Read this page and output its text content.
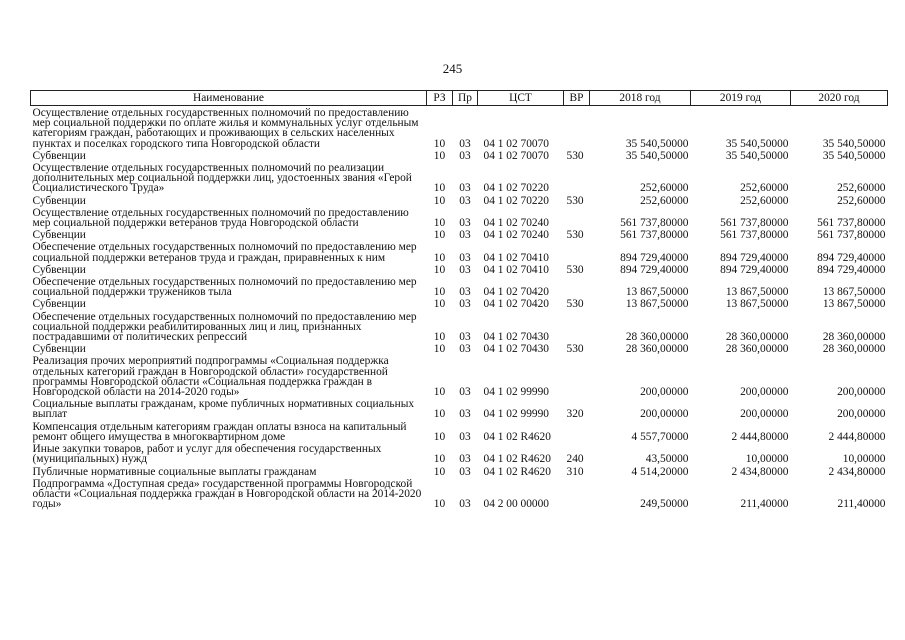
245
Наименование	РЗ	Пр	ЦСТ	ВР	2018 год	2019 год	2020 год
Осуществление отдельных государственных полномочий по предоставлению мер социальной поддержки по оплате жилья и коммунальных услуг отдельным категориям граждан, работающих и проживающих в сельских населенных пунктах и поселках городского типа Новгородской области	10	03	04 1 02 70070		35 540,50000	35 540,50000	35 540,50000
Субвенции	10	03	04 1 02 70070	530	35 540,50000	35 540,50000	35 540,50000
Осуществление отдельных государственных полномочий по реализации дополнительных мер социальной поддержки лиц, удостоенных звания «Герой Социалистического Труда»	10	03	04 1 02 70220		252,60000	252,60000	252,60000
Субвенции	10	03	04 1 02 70220	530	252,60000	252,60000	252,60000
Осуществление отдельных государственных полномочий по предоставлению мер социальной поддержки ветеранов труда Новгородской области	10	03	04 1 02 70240		561 737,80000	561 737,80000	561 737,80000
Субвенции	10	03	04 1 02 70240	530	561 737,80000	561 737,80000	561 737,80000
Обеспечение отдельных государственных полномочий по предоставлению мер социальной поддержки ветеранов труда и граждан, приравненных к ним	10	03	04 1 02 70410		894 729,40000	894 729,40000	894 729,40000
Субвенции	10	03	04 1 02 70410	530	894 729,40000	894 729,40000	894 729,40000
Обеспечение отдельных государственных полномочий по предоставлению мер социальной поддержки тружеников тыла	10	03	04 1 02 70420		13 867,50000	13 867,50000	13 867,50000
Субвенции	10	03	04 1 02 70420	530	13 867,50000	13 867,50000	13 867,50000
Обеспечение отдельных государственных полномочий по предоставлению мер социальной поддержки реабилитированных лиц и лиц, признанных пострадавшими от политических репрессий	10	03	04 1 02 70430		28 360,00000	28 360,00000	28 360,00000
Субвенции	10	03	04 1 02 70430	530	28 360,00000	28 360,00000	28 360,00000
Реализация прочих мероприятий подпрограммы «Социальная поддержка отдельных категорий граждан в Новгородской области» государственной программы Новгородской области «Социальная поддержка граждан в Новгородской области на 2014-2020 годы»	10	03	04 1 02 99990		200,00000	200,00000	200,00000
Социальные выплаты гражданам, кроме публичных нормативных социальных выплат	10	03	04 1 02 99990	320	200,00000	200,00000	200,00000
Компенсация отдельным категориям граждан оплаты взноса на капитальный ремонт общего имущества в многоквартирном доме	10	03	04 1 02 R4620		4 557,70000	2 444,80000	2 444,80000
Иные закупки товаров, работ и услуг для обеспечения государственных (муниципальных) нужд	10	03	04 1 02 R4620	240	43,50000	10,00000	10,00000
Публичные нормативные социальные выплаты гражданам	10	03	04 1 02 R4620	310	4 514,20000	2 434,80000	2 434,80000
Подпрограмма «Доступная среда» государственной программы Новгородской области «Социальная поддержка граждан в Новгородской области на 2014-2020 годы»	10	03	04 2 00 00000		249,50000	211,40000	211,40000
